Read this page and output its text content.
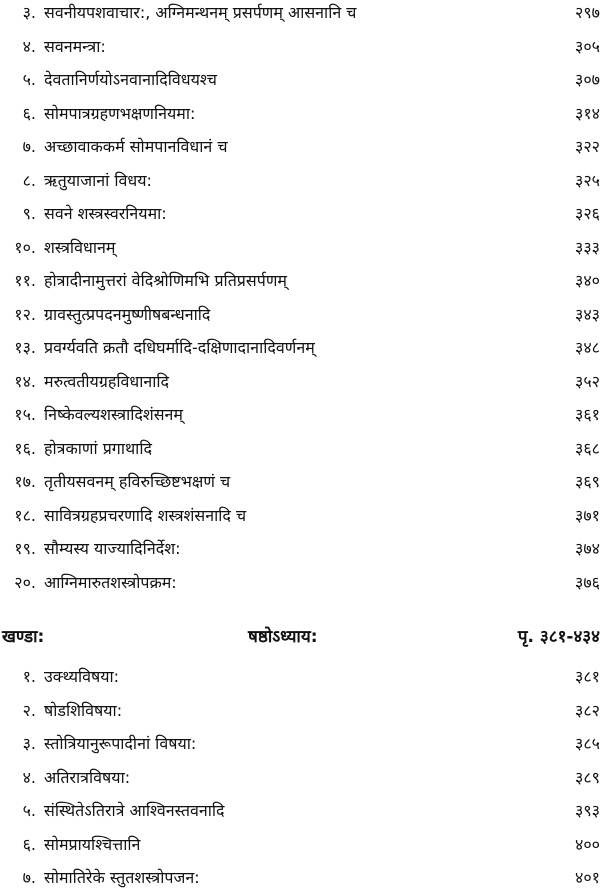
३. सवनीयपशवाचार:, अग्निमन्थनम् प्रसर्पणम् आसनानि च	२९७
४. सवनमन्त्रा:	३०५
५. देवतानिर्णयोऽनवानादिविधयश्च	३०७
६. सोमपात्रग्रहणभक्षणनियमा:	३१४
७. अच्छावाककर्म सोमपानविधानं च	३२२
८. ऋतुयाजानां विधय:	३२५
९. सवने शस्त्रस्वरनियमा:	३२६
१०. शस्त्रविधानम्	३३३
११. होत्रादीनामुत्तरां वेदिश्रोणिमभि प्रतिप्रसर्पणम्	३४०
१२. ग्रावस्तुत्प्रपदनमुष्णीषबन्धनादि	३४३
१३. प्रवर्ग्यवति क्रतौ दधिघर्मादि-दक्षिणादानादिवर्णनम्	३४८
१४. मरुत्वतीयग्रहविधानादि	३५२
१५. निष्केवल्यशस्त्रादिशंसनम्	३६१
१६. होत्रकाणां प्रगाथादि	३६८
१७. तृतीयसवनम् हविरुच्छिष्टभक्षणं च	३६९
१८. सावित्रग्रहप्रचरणादि शस्त्रशंसनादि च	३७१
१९. सौम्यस्य याज्यादिनिर्देश:	३७४
२०. आग्निमारुतशस्त्रोपक्रम:	३७६
खण्डा:	षष्ठोऽध्याय:	पृ. ३८१-४३४
१. उक्थ्यविषया:	३८१
२. षोडशिविषया:	३८२
३. स्तोत्रियानुरूपादीनां विषया:	३८५
४. अतिरात्रविषया:	३८९
५. संस्थितेऽतिरात्रे आश्विनस्तवनादि	३९३
६. सोमप्रायश्चित्तानि	४००
७. सोमातिरेके स्तुतशस्त्रोपजन:	४०१
